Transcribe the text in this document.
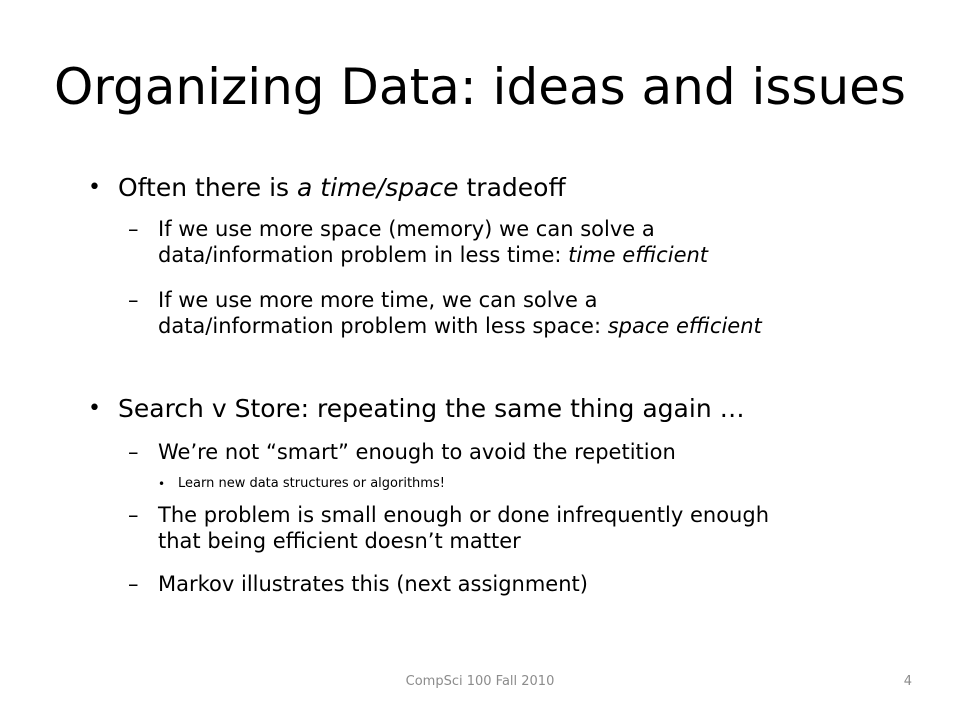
Organizing Data: ideas and issues
• Often there is a time/space tradeoff
– If we use more space (memory) we can solve a
data/information problem in less time: time efficient
– If we use more more time, we can solve a
data/information problem with less space: space efficient
• Search v Store: repeating the same thing again …
– We’re not “smart” enough to avoid the repetition
• Learn new data structures or algorithms!
– The problem is small enough or done infrequently enough
that being efficient doesn’t matter
– Markov illustrates this (next assignment)
CompSci 100 Fall 2010	4
